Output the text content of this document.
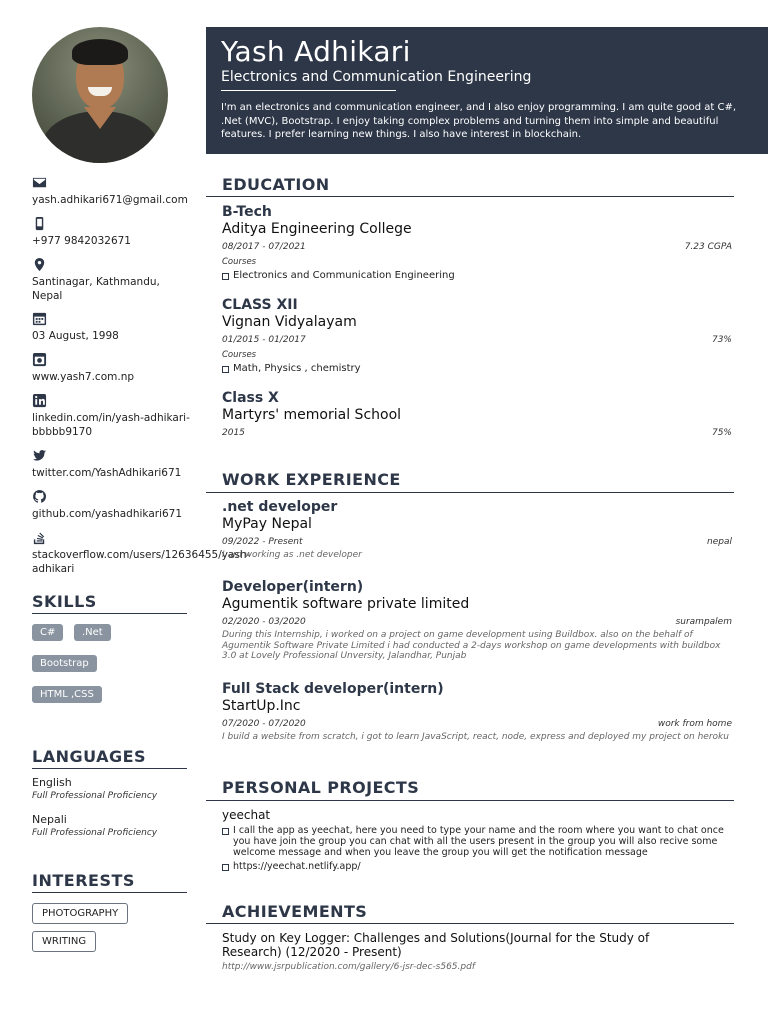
yash.adhikari671@gmail.com
+977 9842032671
Santinagar, Kathmandu, Nepal
03 August, 1998
www.yash7.com.np
linkedin.com/in/yash-adhikari-bbbbb9170
twitter.com/YashAdhikari671
github.com/yashadhikari671
stackoverflow.com/users/12636455/yash-adhikari
SKILLS
C#	.Net
Bootstrap
HTML ,CSS
LANGUAGES
English
Full Professional Proficiency
Nepali
Full Professional Proficiency
INTERESTS
PHOTOGRAPHY
WRITING
Yash Adhikari
Electronics and Communication Engineering
I'm an electronics and communication engineer, and I also enjoy programming. I am quite good at C#, .Net (MVC), Bootstrap. I enjoy taking complex problems and turning them into simple and beautiful features. I prefer learning new things. I also have interest in blockchain.
EDUCATION
B-Tech
Aditya Engineering College
08/2017 - 07/2021	7.23 CGPA
Courses
Electronics and Communication Engineering
CLASS XII
Vignan Vidyalayam
01/2015 - 01/2017	73%
Courses
Math, Physics , chemistry
Class X
Martyrs' memorial School
2015	75%
WORK EXPERIENCE
.net developer
MyPay Nepal
09/2022 - Present	nepal
I am working as .net developer
Developer(intern)
Agumentik software private limited
02/2020 - 03/2020	surampalem
During this Internship, i worked on a project on game development using Buildbox. also on the behalf of Agumentik Software Private Limited i had conducted a 2-days workshop on game developments with buildbox 3.0 at Lovely Professional Unversity, Jalandhar, Punjab
Full Stack developer(intern)
StartUp.Inc
07/2020 - 07/2020	work from home
I build a website from scratch, i got to learn JavaScript, react, node, express and deployed my project on heroku
PERSONAL PROJECTS
yeechat
I call the app as yeechat, here you need to type your name and the room where you want to chat once you have join the group you can chat with all the users present in the group you will also recive some welcome message and when you leave the group you will get the notification message
https://yeechat.netlify.app/
ACHIEVEMENTS
Study on Key Logger: Challenges and Solutions(Journal for the Study of Research) (12/2020 - Present)
http://www.jsrpublication.com/gallery/6-jsr-dec-s565.pdf
